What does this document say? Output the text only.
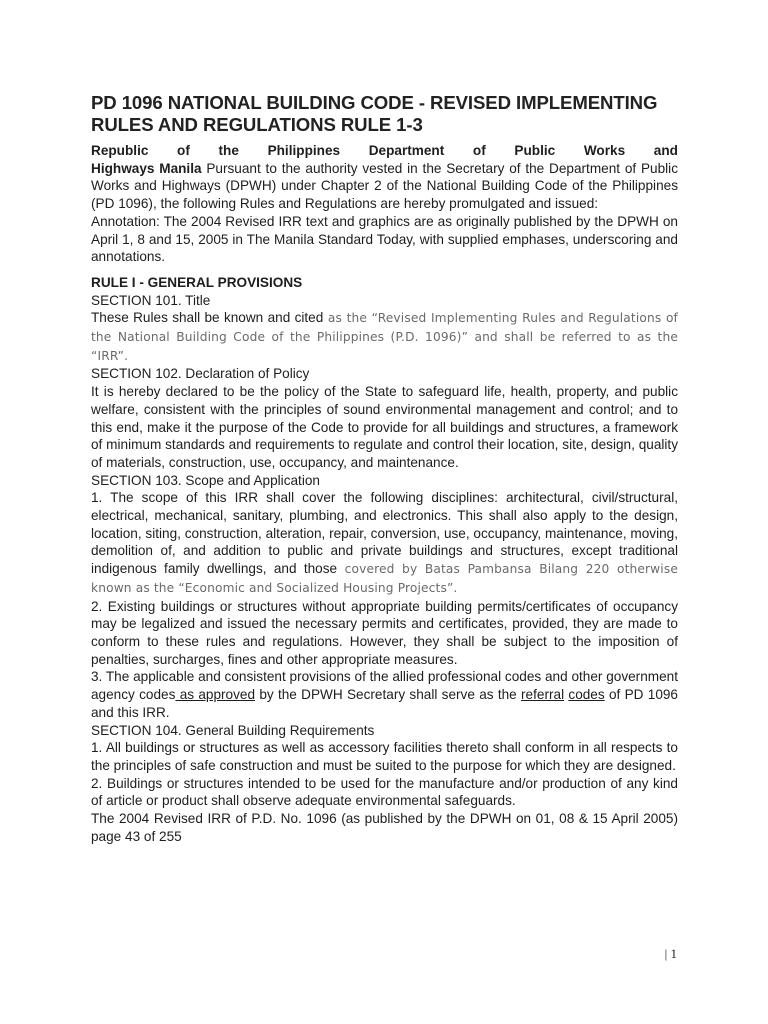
PD 1096 NATIONAL BUILDING CODE - REVISED IMPLEMENTING RULES AND REGULATIONS RULE 1-3
Republic of the Philippines Department of Public Works and

Highways Manila Pursuant to the authority vested in the Secretary of the Department of Public Works and Highways (DPWH) under Chapter 2 of the National Building Code of the Philippines (PD 1096), the following Rules and Regulations are hereby promulgated and issued:

Annotation: The 2004 Revised IRR text and graphics are as originally published by the DPWH on April 1, 8 and 15, 2005 in The Manila Standard Today, with supplied emphases, underscoring and annotations.

RULE I - GENERAL PROVISIONS

SECTION 101. Title

These Rules shall be known and cited as the “Revised Implementing Rules and Regulations of the National Building Code of the Philippines (P.D. 1096)” and shall be referred to as the “IRR”.

SECTION 102. Declaration of Policy

It is hereby declared to be the policy of the State to safeguard life, health, property, and public welfare, consistent with the principles of sound environmental management and control; and to this end, make it the purpose of the Code to provide for all buildings and structures, a framework of minimum standards and requirements to regulate and control their location, site, design, quality of materials, construction, use, occupancy, and maintenance.

SECTION 103. Scope and Application

1. The scope of this IRR shall cover the following disciplines: architectural, civil/structural, electrical, mechanical, sanitary, plumbing, and electronics. This shall also apply to the design, location, siting, construction, alteration, repair, conversion, use, occupancy, maintenance, moving, demolition of, and addition to public and private buildings and structures, except traditional indigenous family dwellings, and those covered by Batas Pambansa Bilang 220 otherwise known as the “Economic and Socialized Housing Projects”.

2. Existing buildings or structures without appropriate building permits/certificates of occupancy may be legalized and issued the necessary permits and certificates, provided, they are made to conform to these rules and regulations. However, they shall be subject to the imposition of penalties, surcharges, fines and other appropriate measures.

3. The applicable and consistent provisions of the allied professional codes and other government agency codes as approved by the DPWH Secretary shall serve as the referral codes of PD 1096 and this IRR.

SECTION 104. General Building Requirements

1. All buildings or structures as well as accessory facilities thereto shall conform in all respects to the principles of safe construction and must be suited to the purpose for which they are designed.

2. Buildings or structures intended to be used for the manufacture and/or production of any kind of article or product shall observe adequate environmental safeguards.

The 2004 Revised IRR of P.D. No. 1096 (as published by the DPWH on 01, 08 & 15 April 2005) page 43 of 255

| 1
